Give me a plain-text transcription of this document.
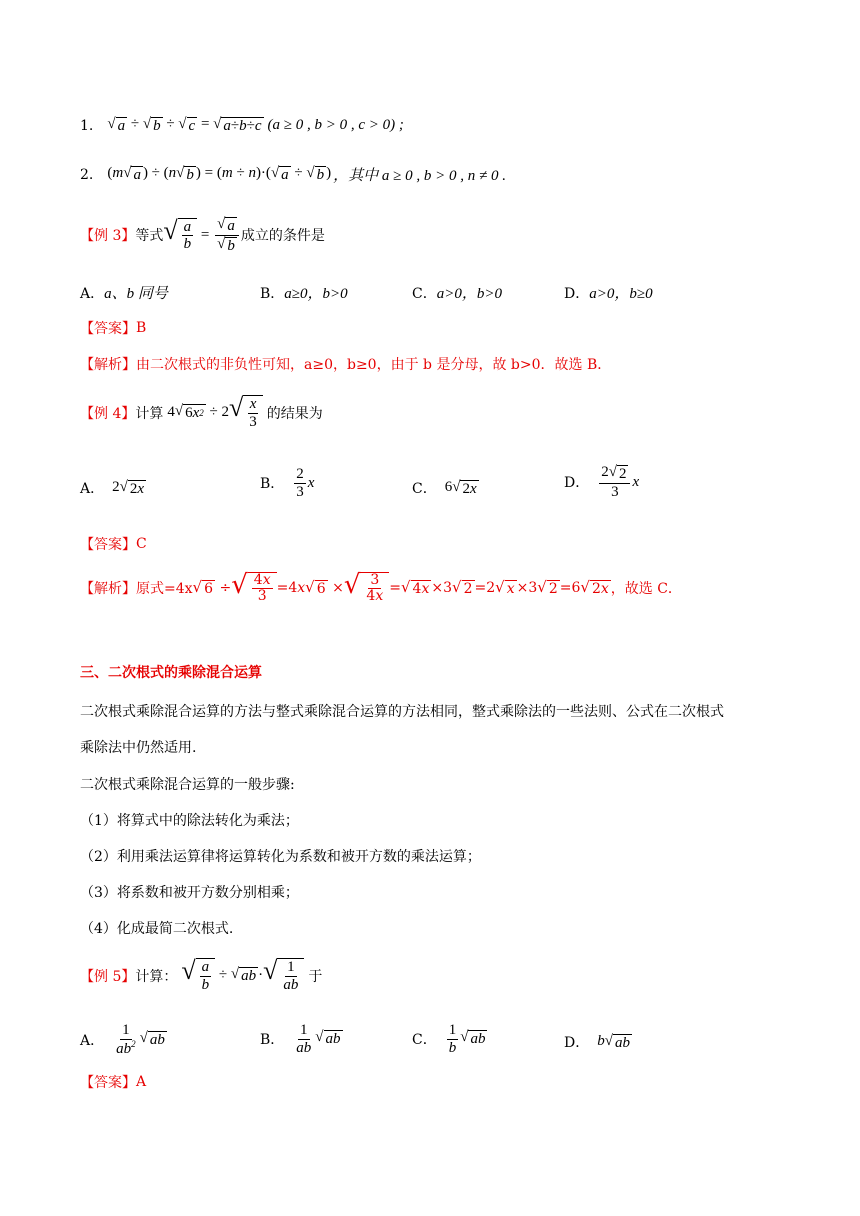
1. √ a ÷ √ b ÷ √ c = √ a ÷ b ÷ c (a ≥ 0 , b > 0 , c > 0) ;
2. (m √ a ) ÷ (n √ b ) = (m ÷ n)·( √ a ÷ √ b ) ，其中 a ≥ 0 , b > 0 , n ≠ 0 .
【例 3】 等式 √ $\frac{a}{b} = \frac{√ a}{√ b}$ 成立的条件是
A． a、b 同号	B． a≥0，b>0	C． a>0，b>0	D． a>0，b≥0
【答案】 B
【解析】 由二次根式的非负性可知，a≥0，b≥0，由于 b 是分母，故 b>0．故选 B．
【例 4】 计算 4 √ 6 x 2 ÷ 2 √ $\frac{x}{3}$ 的结果为
A． 2 √ 2 x	B． $\frac{2}{3}$ x	C． 6 √ 2 x	D． $\frac{2 √ 2}{3}$ x
【答案】 C
【解析】 原式=4x √ 6 ÷ √ $\frac{4x}{3} =4x$ √ 6 × √ $\frac{3}{4x}$ = √ 4 x ×3 √ 2 =2 √ x ×3 √ 2 =6 √ 2 x ，故选 C．
三、二次根式的乘除混合运算
二次根式乘除混合运算的方法与整式乘除混合运算的方法相同，整式乘除法的一些法则、公式在二次根式
乘除法中仍然适用.
二次根式乘除混合运算的一般步骤:
（1）将算式中的除法转化为乘法；
（2）利用乘法运算律将运算转化为系数和被开方数的乘法运算；
（3）将系数和被开方数分别相乘；
（4）化成最简二次根式.
【例 5】 计算： √ $\frac{a}{b}$ ÷ √ ab · √ $\frac{1}{ab}$ 于
A． $\frac{1}{ab^2}$ √ ab	B． $\frac{1}{ab}$ √ ab	C． $\frac{1}{b}$ √ ab	D． b √ ab
【答案】 A
